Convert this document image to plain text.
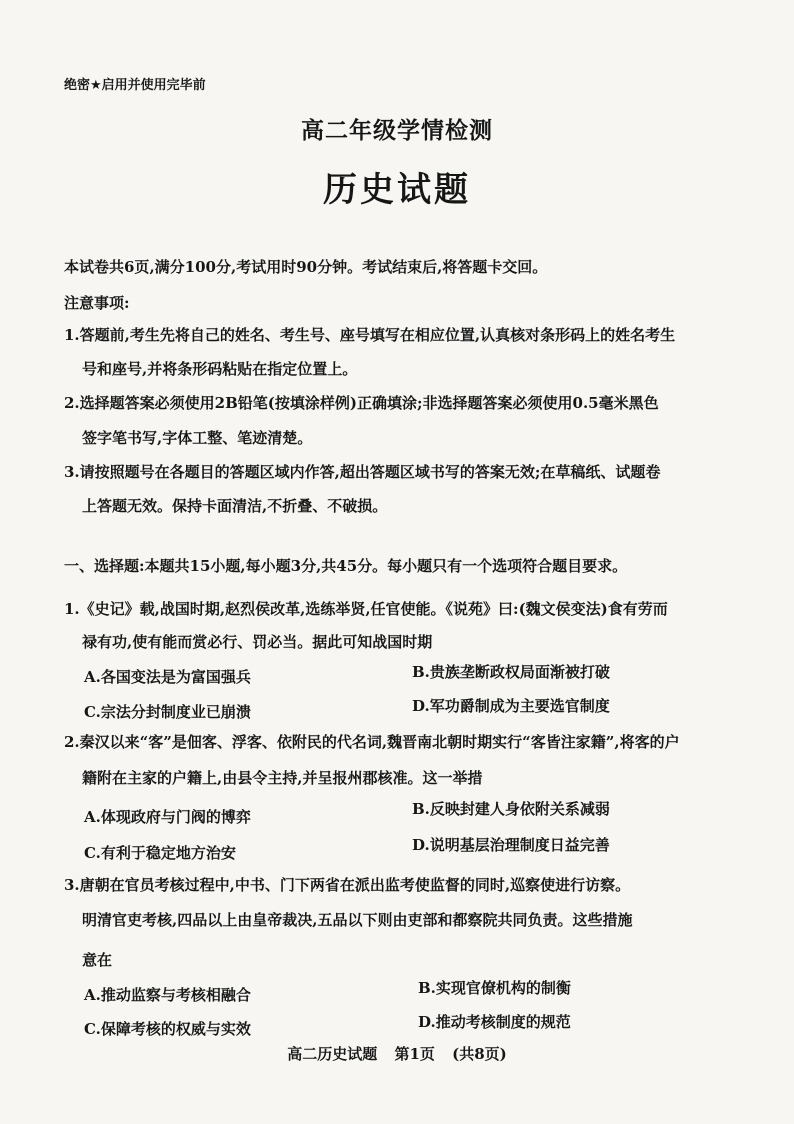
绝密★启用并使用完毕前
高二年级学情检测
历史试题
本试卷共6页,满分100分,考试用时90分钟。考试结束后,将答题卡交回。
注意事项:
1.答题前,考生先将自己的姓名、考生号、座号填写在相应位置,认真核对条形码上的姓名考生
号和座号,并将条形码粘贴在指定位置上。
2.选择题答案必须使用2B铅笔(按填涂样例)正确填涂;非选择题答案必须使用0.5毫米黑色
签字笔书写,字体工整、笔迹清楚。
3.请按照题号在各题目的答题区域内作答,超出答题区域书写的答案无效;在草稿纸、试题卷
上答题无效。保持卡面清洁,不折叠、不破损。
一、选择题:本题共15小题,每小题3分,共45分。每小题只有一个选项符合题目要求。
1.《史记》载,战国时期,赵烈侯改革,选练举贤,任官使能。《说苑》曰:(魏文侯变法)食有劳而
禄有功,使有能而赏必行、罚必当。据此可知战国时期
A.各国变法是为富国强兵	B.贵族垄断政权局面渐被打破
C.宗法分封制度业已崩溃	D.军功爵制成为主要选官制度
2.秦汉以来“客”是佃客、浮客、依附民的代名词,魏晋南北朝时期实行“客皆注家籍”,将客的户
籍附在主家的户籍上,由县令主持,并呈报州郡核准。这一举措
A.体现政府与门阀的博弈	B.反映封建人身依附关系减弱
C.有利于稳定地方治安	D.说明基层治理制度日益完善
3.唐朝在官员考核过程中,中书、门下两省在派出监考使监督的同时,巡察使进行访察。
明清官吏考核,四品以上由皇帝裁决,五品以下则由吏部和都察院共同负责。这些措施
意在
A.推动监察与考核相融合	B.实现官僚机构的制衡
C.保障考核的权威与实效	D.推动考核制度的规范
高二历史试题 第1页 (共8页)
